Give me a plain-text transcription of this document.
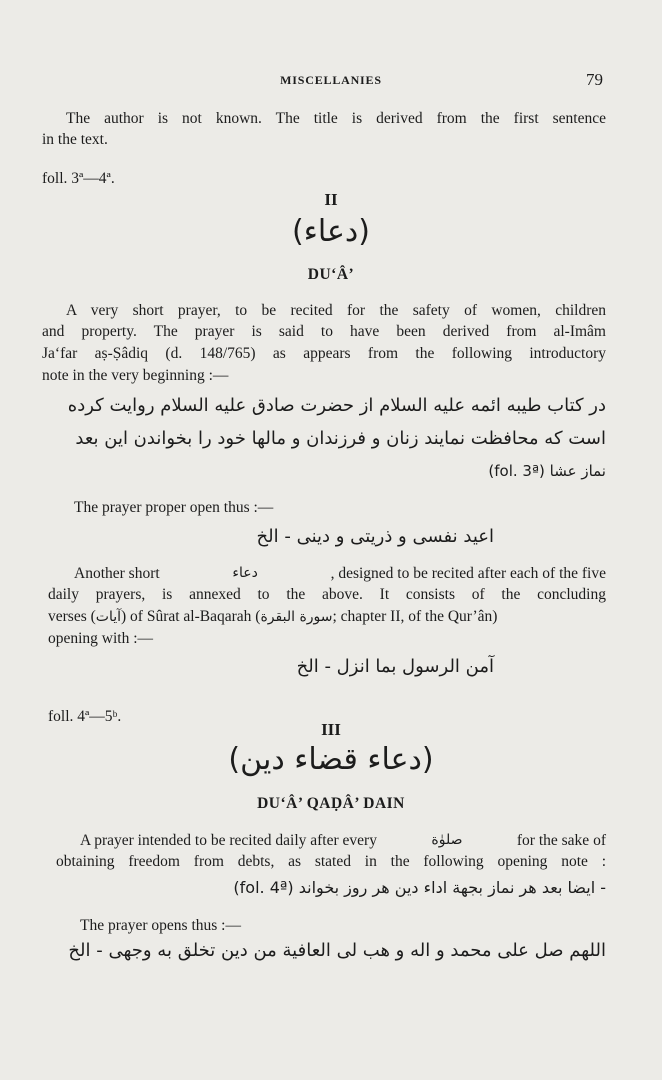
MISCELLANIES	79
The author is not known. The title is derived from the first sentence
in the text.
foll. 3ª—4ª.
II
(دعاء)
DU‘Â’
A very short prayer, to be recited for the safety of women, children
and property. The prayer is said to have been derived from al-Imâm
Ja‘far aṣ-Ṣâdiq (d. 148/765) as appears from the following introductory
note in the very beginning :—
در کتاب طیبه ائمه علیه السلام از حضرت صادق علیه السلام روایت کرده
است که محافظت نمایند زنان و فرزندان و مالها خود را بخواندن این بعد
(fol. 3ª) نماز عشا
The prayer proper open thus :—
اعید نفسی و ذریتی و دینی - الخ
Another short	دعاء	, designed to be recited after each of the five
daily prayers, is annexed to the above. It consists of the concluding
verses (آیات) of Sûrat al-Baqarah (سورة البقرة; chapter II, of the Qur’ân)
opening with :—
آمن الرسول بما انزل - الخ
foll. 4ª—5ᵇ.
III
(دعاء قضاء دین)
DU‘Â’ QAḌÂ’ DAIN
A prayer intended to be recited daily after every	صلوٰة	for the sake of
obtaining freedom from debts, as stated in the following opening note :
(fol. 4ª) ایضا بعد هر نماز بجهة اداء دین هر روز بخواند -
The prayer opens thus :—
اللهم صل علی محمد و اله و هب لی العافیة من دین تخلق به وجهی - الخ
